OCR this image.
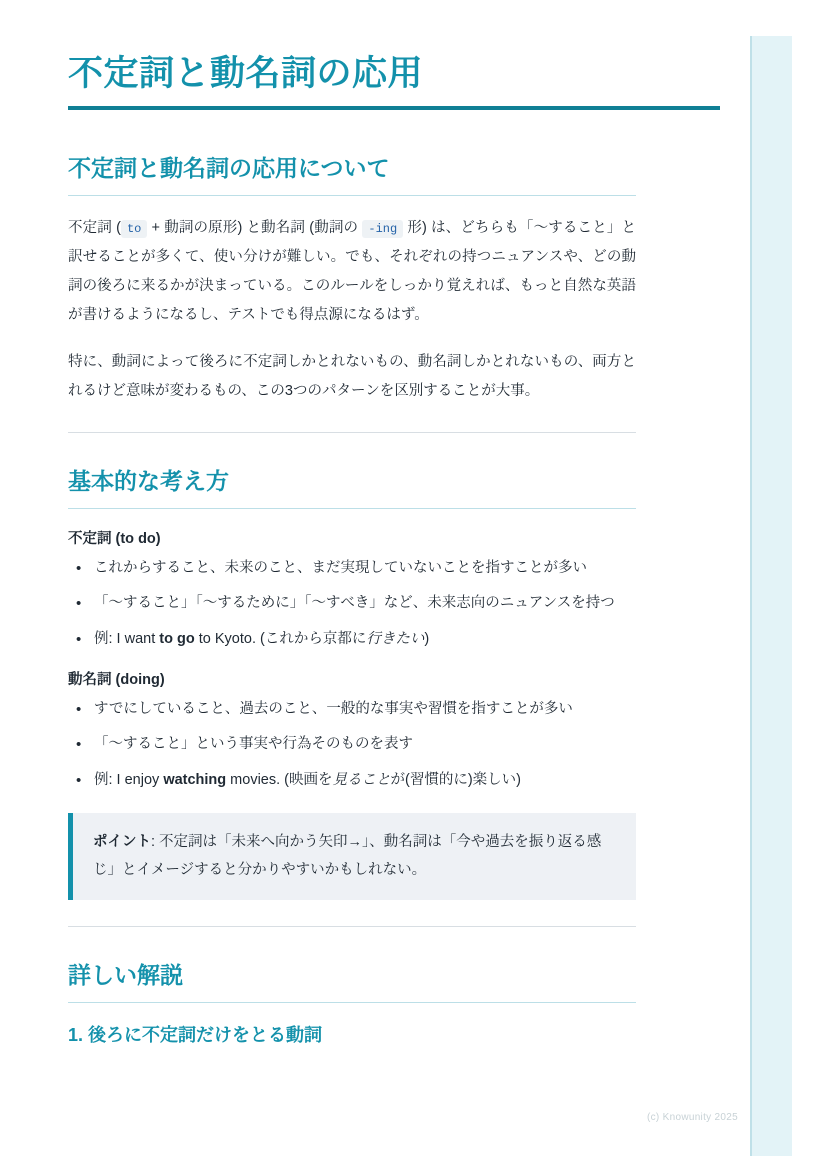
不定詞と動名詞の応用
不定詞と動名詞の応用について

不定詞 ( to + 動詞の原形) と動名詞 (動詞の -ing 形) は、どちらも「〜すること」と訳せることが多くて、使い分けが難しい。でも、それぞれの持つニュアンスや、どの動詞の後ろに来るかが決まっている。このルールをしっかり覚えれば、もっと自然な英語が書けるようになるし、テストでも得点源になるはず。

特に、動詞によって後ろに不定詞しかとれないもの、動名詞しかとれないもの、両方とれるけど意味が変わるもの、この3つのパターンを区別することが大事。

基本的な考え方
不定詞 (to do)
• これからすること、未来のこと、まだ実現していないことを指すことが多い
• 「〜すること」「〜するために」「〜すべき」など、未来志向のニュアンスを持つ
• 例: I want to go to Kyoto. (これから京都に行きたい)
動名詞 (doing)
• すでにしていること、過去のこと、一般的な事実や習慣を指すことが多い
• 「〜すること」という事実や行為そのものを表す
• 例: I enjoy watching movies. (映画を見ることが(習慣的に)楽しい)
ポイント: 不定詞は「未来へ向かう矢印→」、動名詞は「今や過去を振り返る感じ」とイメージすると分かりやすいかもしれない。
詳しい解説
1. 後ろに不定詞だけをとる動詞
(c) Knowunity 2025
